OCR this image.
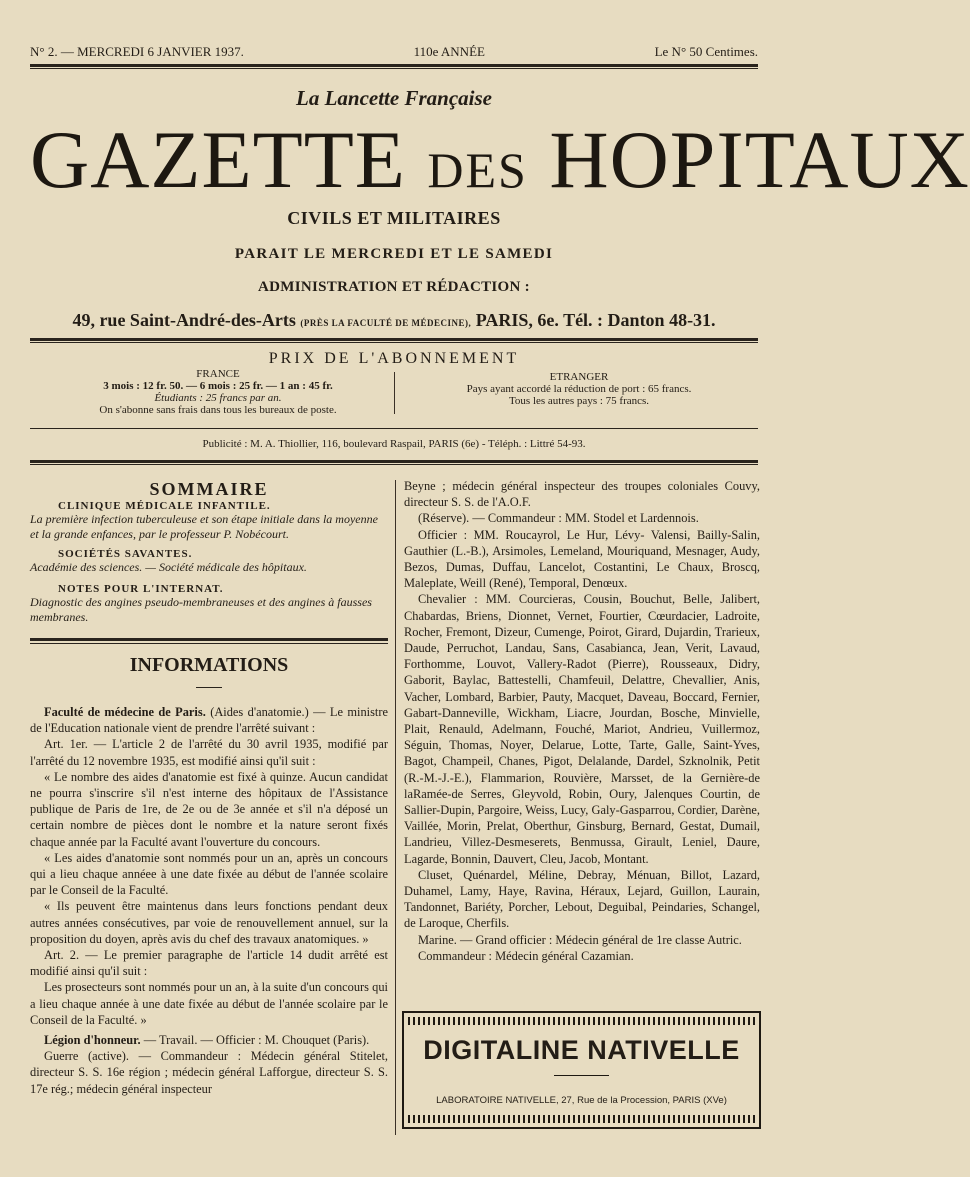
N° 2. — MERCREDI 6 JANVIER 1937.	110e ANNÉE	Le N° 50 Centimes.
La Lancette Française
GAZETTE DES HOPITAUX
CIVILS ET MILITAIRES
PARAIT LE MERCREDI ET LE SAMEDI
ADMINISTRATION ET RÉDACTION :
49, rue Saint-André-des-Arts (PRÈS LA FACULTÉ DE MÉDECINE), PARIS, 6e. Tél. : Danton 48-31.
PRIX DE L'ABONNEMENT
FRANCE
3 mois : 12 fr. 50. — 6 mois : 25 fr. — 1 an : 45 fr.
Étudiants : 25 francs par an.
On s'abonne sans frais dans tous les bureaux de poste.
ETRANGER
Pays ayant accordé la réduction de port : 65 francs.
Tous les autres pays : 75 francs.
Publicité : M. A. Thiollier, 116, boulevard Raspail, PARIS (6e) - Téléph. : Littré 54-93.
SOMMAIRE
CLINIQUE MÉDICALE INFANTILE.
La première infection tuberculeuse et son étape initiale dans la moyenne et la grande enfances, par le professeur P. Nobécourt.
SOCIÉTÉS SAVANTES.
Académie des sciences. — Société médicale des hôpitaux.
NOTES POUR L'INTERNAT.
Diagnostic des angines pseudo-membraneuses et des angines à fausses membranes.
INFORMATIONS

Faculté de médecine de Paris. (Aides d'anatomie.) — Le ministre de l'Education nationale vient de prendre l'arrêté suivant :

Art. 1er. — L'article 2 de l'arrêté du 30 avril 1935, modifié par l'arrêté du 12 novembre 1935, est modifié ainsi qu'il suit :

« Le nombre des aides d'anatomie est fixé à quinze. Aucun candidat ne pourra s'inscrire s'il n'est interne des hôpitaux de l'Assistance publique de Paris de 1re, de 2e ou de 3e année et s'il n'a déposé un certain nombre de pièces dont le nombre et la nature seront fixés chaque année par la Faculté avant l'ouverture du concours.

« Les aides d'anatomie sont nommés pour un an, après un concours qui a lieu chaque annéee à une date fixée au début de l'année scolaire par le Conseil de la Faculté.

« Ils peuvent être maintenus dans leurs fonctions pendant deux autres années consécutives, par voie de renouvellement annuel, sur la proposition du doyen, après avis du chef des travaux anatomiques. »

Art. 2. — Le premier paragraphe de l'article 14 dudit arrêté est modifié ainsi qu'il suit :

Les prosecteurs sont nommés pour un an, à la suite d'un concours qui a lieu chaque année à une date fixée au début de l'année scolaire par le Conseil de la Faculté. »

Légion d'honneur. — Travail. — Officier : M. Chouquet (Paris).

Guerre (active). — Commandeur : Médecin général Stitelet, directeur S. S. 16e région ; médecin général Lafforgue, directeur S. S. 17e rég.; médecin général inspecteur

Beyne ; médecin général inspecteur des troupes coloniales Couvy, directeur S. S. de l'A.O.F.

(Réserve). — Commandeur : MM. Stodel et Lardennois.

Officier : MM. Roucayrol, Le Hur, Lévy- Valensi, Bailly-Salin, Gauthier (L.-B.), Arsimoles, Lemeland, Mouriquand, Mesnager, Audy, Bezos, Dumas, Duffau, Lancelot, Costantini, Le Chaux, Broscq, Maleplate, Weill (René), Temporal, Denœux.

Chevalier : MM. Courcieras, Cousin, Bouchut, Belle, Jalibert, Chabardas, Briens, Dionnet, Vernet, Fourtier, Cœurdacier, Ladroite, Rocher, Fremont, Dizeur, Cumenge, Poirot, Girard, Dujardin, Trarieux, Daude, Perruchot, Landau, Sans, Casabianca, Jean, Verit, Lavaud, Forthomme, Louvot, Vallery-Radot (Pierre), Rousseaux, Didry, Gaborit, Baylac, Battestelli, Chamfeuil, Delattre, Chevallier, Anis, Vacher, Lombard, Barbier, Pauty, Macquet, Daveau, Boccard, Fernier, Gabart-Danneville, Wickham, Liacre, Jourdan, Bosche, Minvielle, Plait, Renauld, Adelmann, Fouché, Mariot, Andrieu, Vuillermoz, Séguin, Thomas, Noyer, Delarue, Lotte, Tarte, Galle, Saint-Yves, Bagot, Champeil, Chanes, Pigot, Delalande, Dardel, Szknolnik, Petit (R.-M.-J.-E.), Flammarion, Rouvière, Marsset, de la Gernière-de laRamée-de Serres, Gleyvold, Robin, Oury, Jalenques Courtin, de Sallier-Dupin, Pargoire, Weiss, Lucy, Galy-Gasparrou, Cordier, Darène, Vaillée, Morin, Prelat, Oberthur, Ginsburg, Bernard, Gestat, Dumail, Landrieu, Villez-Desmeserets, Benmussa, Girault, Leniel, Daure, Lagarde, Bonnin, Dauvert, Cleu, Jacob, Montant.

Cluset, Quénardel, Méline, Debray, Ménuan, Billot, Lazard, Duhamel, Lamy, Haye, Ravina, Héraux, Lejard, Guillon, Laurain, Tandonnet, Bariéty, Porcher, Lebout, Deguibal, Peindaries, Schangel, de Laroque, Cherfils.

Marine. — Grand officier : Médecin général de 1re classe Autric.

Commandeur : Médecin général Cazamian.

DIGITALINE NATIVELLE
LABORATOIRE NATIVELLE, 27, Rue de la Procession, PARIS (XVe)
